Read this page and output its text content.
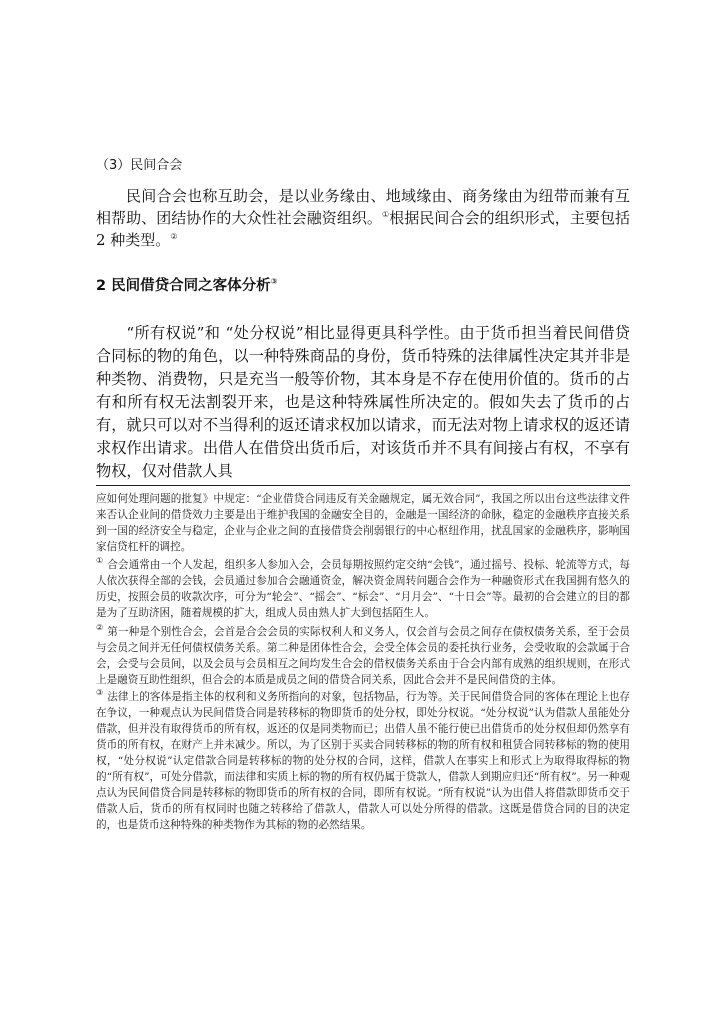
（3）民间合会

民间合会也称互助会，是以业务缘由、地域缘由、商务缘由为纽带而兼有互相帮助、团结协作的大众性社会融资组织。①根据民间合会的组织形式，主要包括 2 种类型。②

2 民间借贷合同之客体分析③

“所有权说”和 “处分权说”相比显得更具科学性。由于货币担当着民间借贷合同标的物的角色，以一种特殊商品的身份，货币特殊的法律属性决定其并非是种类物、消费物，只是充当一般等价物，其本身是不存在使用价值的。货币的占有和所有权无法割裂开来，也是这种特殊属性所决定的。假如失去了货币的占有，就只可以对不当得利的返还请求权加以请求，而无法对物上请求权的返还请求权作出请求。出借人在借贷出货币后，对该货币并不具有间接占有权，不享有物权，仅对借款人具

应如何处理问题的批复》中规定：“企业借贷合同违反有关金融规定，属无效合同”，我国之所以出台这些法律文件来否认企业间的借贷效力主要是出于维护我国的金融安全目的，金融是一国经济的命脉，稳定的金融秩序直接关系到一国的经济安全与稳定，企业与企业之间的直接借贷会削弱银行的中心枢纽作用，扰乱国家的金融秩序，影响国家信贷杠杆的调控。

① 合会通常由一个人发起，组织多人参加入会，会员每期按照约定交纳“会钱”，通过摇号、投标、轮流等方式，每人依次获得全部的会钱，会员通过参加合会融通资金，解决资金周转问题合会作为一种融资形式在我国拥有悠久的历史，按照会员的收款次序，可分为“轮会”、“摇会”、“标会”、“月月会”、“十日会”等。最初的合会建立的目的都是为了互助济困，随着规模的扩大，组成人员由熟人扩大到包括陌生人。

② 第一种是个别性合会，会首是合会会员的实际权利人和义务人，仅会首与会员之间存在债权债务关系，至于会员与会员之间并无任何债权债务关系。第二种是团体性合会，会受全体会员的委托执行业务，会受收取的会款属于合会，会受与会员间，以及会员与会员相互之间均发生合会的借权债务关系由于合会内部有成熟的组织规则，在形式上是融资互助性组织，但合会的本质是成员之间的借贷合同关系，因此合会并不是民间借贷的主体。

③ 法律上的客体是指主体的权利和义务所指向的对象，包括物品，行为等。关于民间借贷合同的客体在理论上也存在争议，一种观点认为民间借贷合同是转移标的物即货币的处分权，即处分权说。“处分权说”认为借款人虽能处分借款，但并没有取得货币的所有权，返还的仅是同类物而已；出借人虽不能行使已出借货币的处分权但却仍然享有货币的所有权，在财产上并未减少。所以，为了区别于买卖合同转移标的物的所有权和租赁合同转移标的物的使用权，“处分权说”认定借款合同是转移标的物的处分权的合同，这样，借款人在事实上和形式上为取得取得标的物的“所有权”，可处分借款，而法律和实质上标的物的所有权仍属于贷款人，借款人到期应归还“所有权”。另一种观点认为民间借贷合同是转移标的物即货币的所有权的合同，即所有权说。“所有权说”认为出借人将借款即货币交于借款人后，货币的所有权同时也随之转移给了借款人，借款人可以处分所得的借款。这既是借贷合同的目的决定的，也是货币这种特殊的种类物作为其标的物的必然结果。
